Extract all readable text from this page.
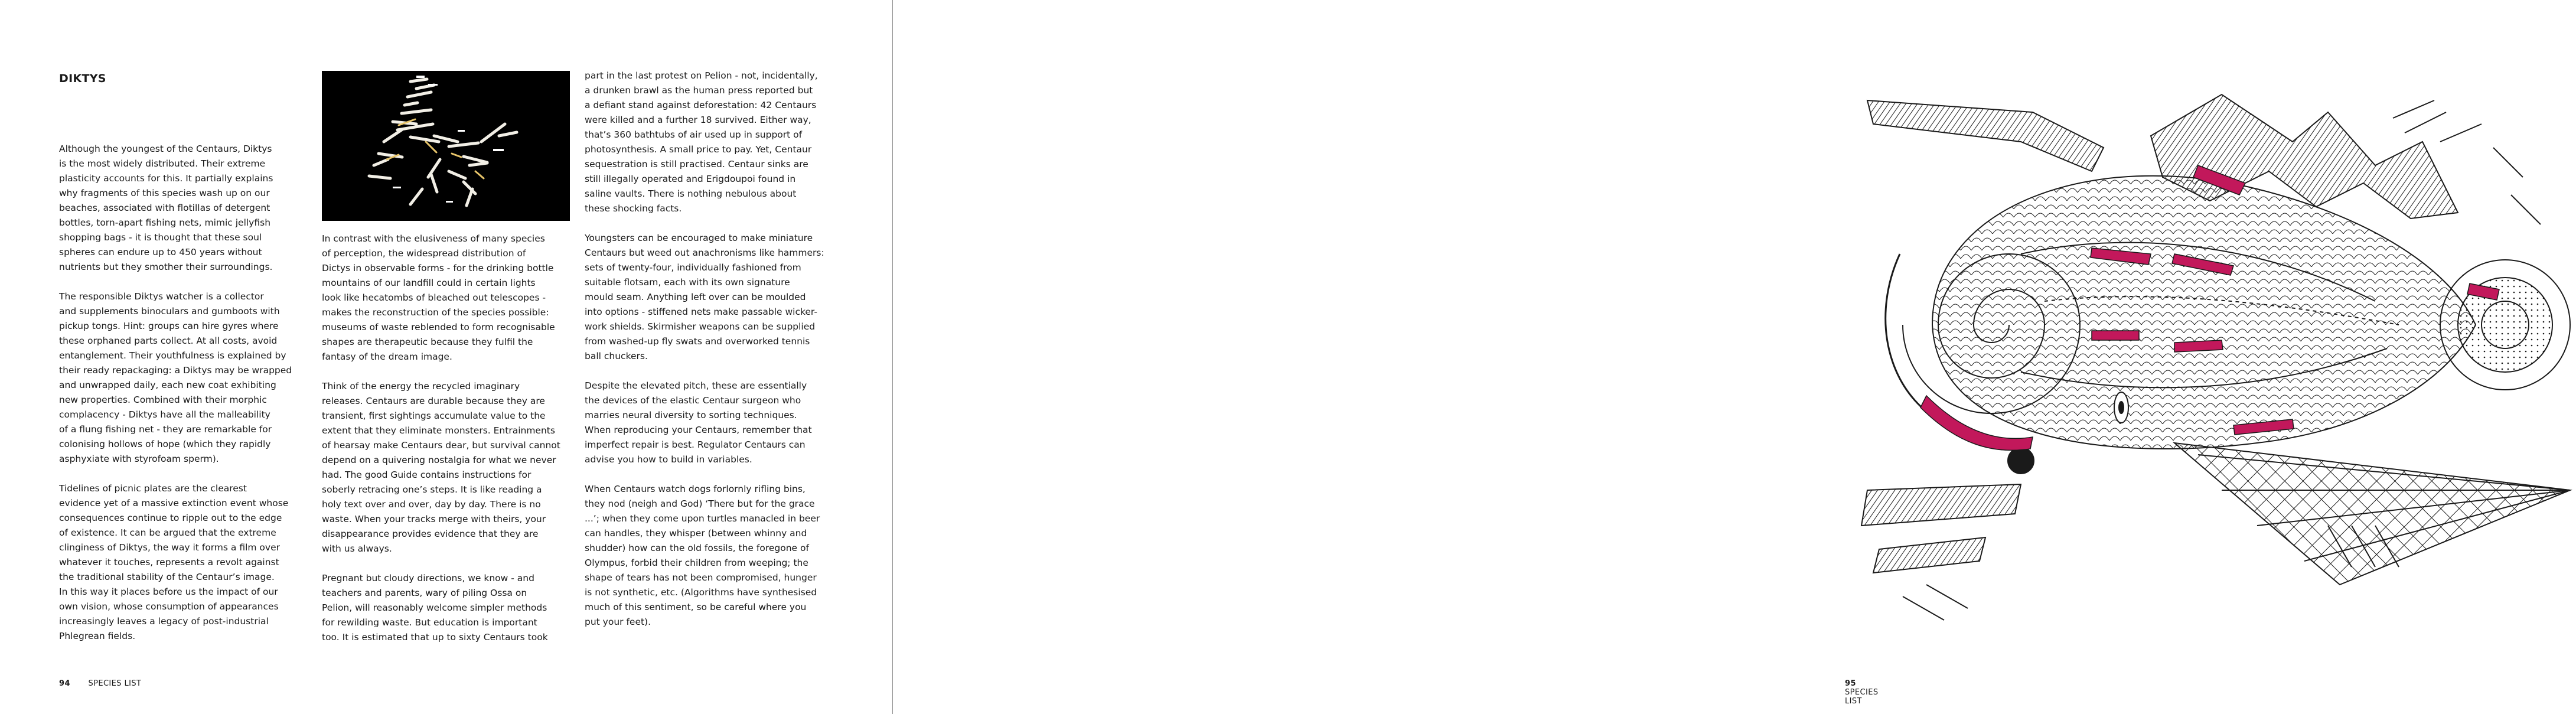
DIKTYS

Although the youngest of the Centaurs, Diktys
is the most widely distributed. Their extreme
plasticity accounts for this. It partially explains
why fragments of this species wash up on our
beaches, associated with flotillas of detergent
bottles, torn-apart fishing nets, mimic jellyfish
shopping bags - it is thought that these soul
spheres can endure up to 450 years without
nutrients but they smother their surroundings.

The responsible Diktys watcher is a collector
and supplements binoculars and gumboots with
pickup tongs. Hint: groups can hire gyres where
these orphaned parts collect. At all costs, avoid
entanglement. Their youthfulness is explained by
their ready repackaging: a Diktys may be wrapped
and unwrapped daily, each new coat exhibiting
new properties. Combined with their morphic
complacency - Diktys have all the malleability
of a flung fishing net - they are remarkable for
colonising hollows of hope (which they rapidly
asphyxiate with styrofoam sperm).

Tidelines of picnic plates are the clearest
evidence yet of a massive extinction event whose
consequences continue to ripple out to the edge
of existence. It can be argued that the extreme
clinginess of Diktys, the way it forms a film over
whatever it touches, represents a revolt against
the traditional stability of the Centaur’s image.
In this way it places before us the impact of our
own vision, whose consumption of appearances
increasingly leaves a legacy of post-industrial
Phlegrean fields.

In contrast with the elusiveness of many species
of perception, the widespread distribution of
Dictys in observable forms - for the drinking bottle
mountains of our landfill could in certain lights
look like hecatombs of bleached out telescopes -
makes the reconstruction of the species possible:
museums of waste reblended to form recognisable
shapes are therapeutic because they fulfil the
fantasy of the dream image.

Think of the energy the recycled imaginary
releases. Centaurs are durable because they are
transient, first sightings accumulate value to the
extent that they eliminate monsters. Entrainments
of hearsay make Centaurs dear, but survival cannot
depend on a quivering nostalgia for what we never
had. The good Guide contains instructions for
soberly retracing one’s steps. It is like reading a
holy text over and over, day by day. There is no
waste. When your tracks merge with theirs, your
disappearance provides evidence that they are
with us always.

Pregnant but cloudy directions, we know - and
teachers and parents, wary of piling Ossa on
Pelion, will reasonably welcome simpler methods
for rewilding waste. But education is important
too. It is estimated that up to sixty Centaurs took

part in the last protest on Pelion - not, incidentally,
a drunken brawl as the human press reported but
a defiant stand against deforestation: 42 Centaurs
were killed and a further 18 survived. Either way,
that’s 360 bathtubs of air used up in support of
photosynthesis. A small price to pay. Yet, Centaur
sequestration is still practised. Centaur sinks are
still illegally operated and Erigdoupoi found in
saline vaults. There is nothing nebulous about
these shocking facts.

Youngsters can be encouraged to make miniature
Centaurs but weed out anachronisms like hammers:
sets of twenty-four, individually fashioned from
suitable flotsam, each with its own signature
mould seam. Anything left over can be moulded
into options - stiffened nets make passable wicker-
work shields. Skirmisher weapons can be supplied
from washed-up fly swats and overworked tennis
ball chuckers.

Despite the elevated pitch, these are essentially
the devices of the elastic Centaur surgeon who
marries neural diversity to sorting techniques.
When reproducing your Centaurs, remember that
imperfect repair is best. Regulator Centaurs can
advise you how to build in variables.

When Centaurs watch dogs forlornly rifling bins,
they nod (neigh and God) ‘There but for the grace
...’; when they come upon turtles manacled in beer
can handles, they whisper (between whinny and
shudder) how can the old fossils, the foregone of
Olympus, forbid their children from weeping; the
shape of tears has not been compromised, hunger
is not synthetic, etc. (Algorithms have synthesised
much of this sentiment, so be careful where you
put your feet).

94 SPECIES LIST	95 SPECIES LIST
